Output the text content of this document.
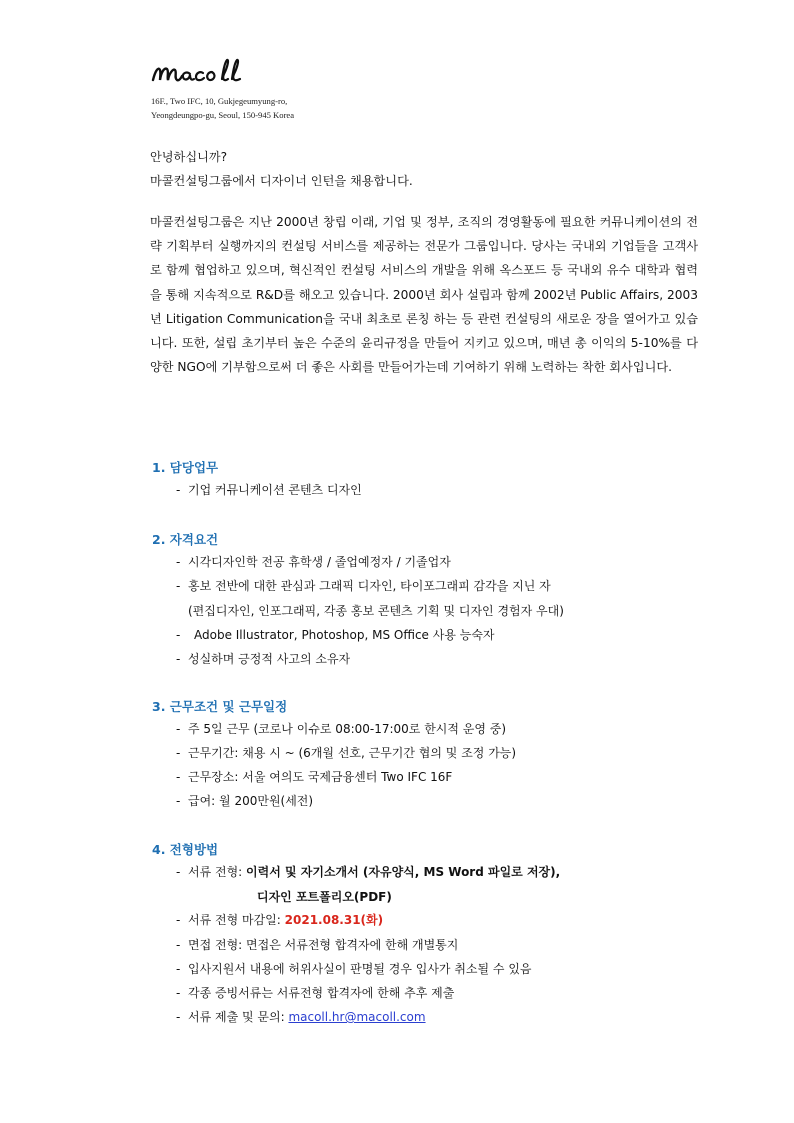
16F., Two IFC, 10, Gukjegeumyung-ro,
Yeongdeungpo-gu, Seoul, 150-945 Korea
안녕하십니까?
마콜컨설팅그룹에서 디자이너 인턴을 채용합니다.
마콜컨설팅그룹은 지난 2000년 창립 이래, 기업 및 정부, 조직의 경영활동에 필요한 커뮤니케이션의 전략 기획부터 실행까지의 컨설팅 서비스를 제공하는 전문가 그룹입니다. 당사는 국내외 기업들을 고객사로 함께 협업하고 있으며, 혁신적인 컨설팅 서비스의 개발을 위해 옥스포드 등 국내외 유수 대학과 협력을 통해 지속적으로 R&D를 해오고 있습니다. 2000년 회사 설립과 함께 2002년 Public Affairs, 2003년 Litigation Communication을 국내 최초로 론칭 하는 등 관련 컨설팅의 새로운 장을 열어가고 있습니다. 또한, 설립 초기부터 높은 수준의 윤리규정을 만들어 지키고 있으며, 매년 총 이익의 5-10%를 다양한 NGO에 기부함으로써 더 좋은 사회를 만들어가는데 기여하기 위해 노력하는 착한 회사입니다.
1. 담당업무
- 기업 커뮤니케이션 콘텐츠 디자인
2. 자격요건
- 시각디자인학 전공 휴학생 / 졸업예정자 / 기졸업자
- 홍보 전반에 대한 관심과 그래픽 디자인, 타이포그래피 감각을 지닌 자
(편집디자인, 인포그래픽, 각종 홍보 콘텐츠 기획 및 디자인 경험자 우대)
- Adobe Illustrator, Photoshop, MS Office 사용 능숙자
- 성실하며 긍정적 사고의 소유자
3. 근무조건 및 근무일정
- 주 5일 근무 (코로나 이슈로 08:00-17:00로 한시적 운영 중)
- 근무기간: 채용 시 ~ (6개월 선호, 근무기간 협의 및 조정 가능)
- 근무장소: 서울 여의도 국제금융센터 Two IFC 16F
- 급여: 월 200만원(세전)
4. 전형방법
- 서류 전형: 이력서 및 자기소개서 (자유양식, MS Word 파일로 저장),
디자인 포트폴리오(PDF)
- 서류 전형 마감일: 2021.08.31(화)
- 면접 전형: 면접은 서류전형 합격자에 한해 개별통지
- 입사지원서 내용에 허위사실이 판명될 경우 입사가 취소될 수 있음
- 각종 증빙서류는 서류전형 합격자에 한해 추후 제출
- 서류 제출 및 문의: macoll.hr@macoll.com
